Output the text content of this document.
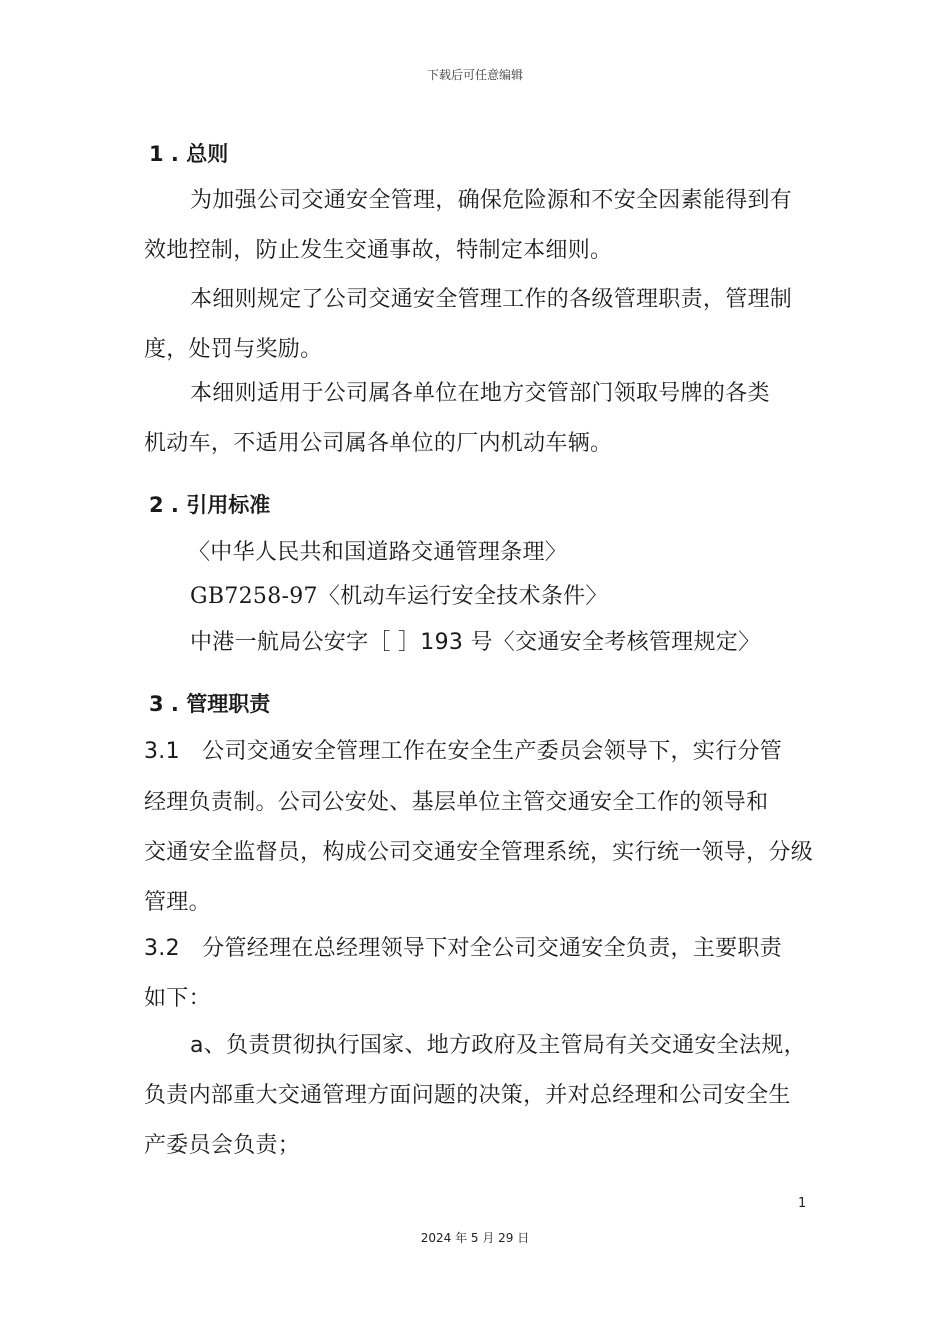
下载后可任意编辑
1 . 总则
为加强公司交通安全管理，确保危险源和不安全因素能得到有
效地控制，防止发生交通事故，特制定本细则。
本细则规定了公司交通安全管理工作的各级管理职责，管理制
度，处罚与奖励。
本细则适用于公司属各单位在地方交管部门领取号牌的各类
机动车，不适用公司属各单位的厂内机动车辆。
2 . 引用标准
〈中华人民共和国道路交通管理条理〉
GB7258-97〈机动车运行安全技术条件〉
中港一航局公安字［ ］193 号〈交通安全考核管理规定〉
3 . 管理职责
3.1　公司交通安全管理工作在安全生产委员会领导下，实行分管
经理负责制。公司公安处、基层单位主管交通安全工作的领导和
交通安全监督员，构成公司交通安全管理系统，实行统一领导，分级
管理。
3.2　分管经理在总经理领导下对全公司交通安全负责，主要职责
如下：
a、负责贯彻执行国家、地方政府及主管局有关交通安全法规，
负责内部重大交通管理方面问题的决策，并对总经理和公司安全生
产委员会负责；
1
2024 年 5 月 29 日
